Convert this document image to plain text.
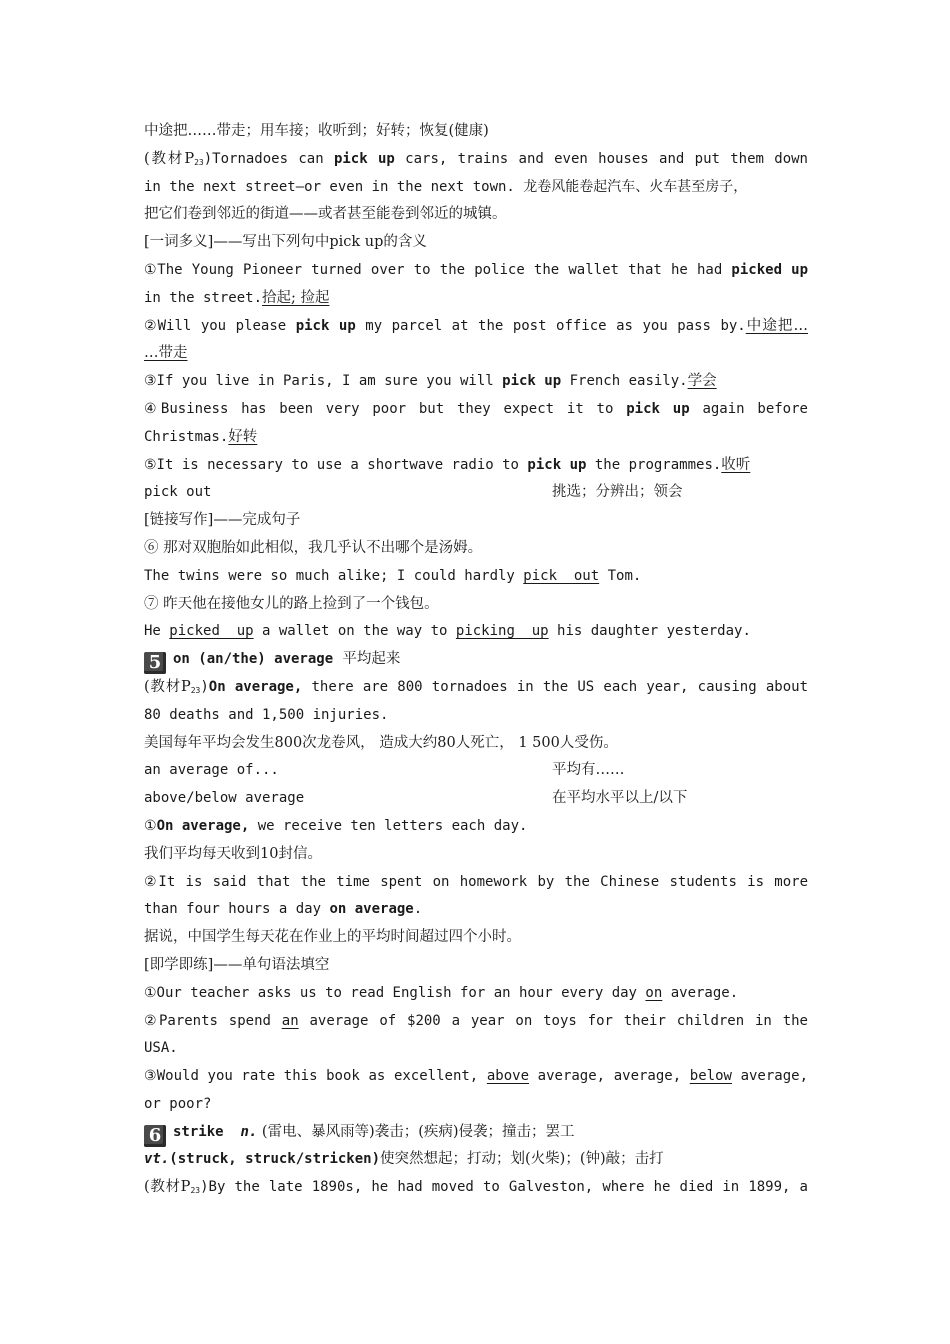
中途把……带走；用车接；收听到；好转；恢复(健康)
(教材$P_{23})Tornadoes$ can pick up cars, trains and even houses and put them down
in the next street—or even in the next town. 龙卷风能卷起汽车、火车甚至房子，
把它们卷到邻近的街道——或者甚至能卷到邻近的城镇。
[一词多义]——写出下列句中pick up的含义
①The Young Pioneer turned over to the police the wallet that he had picked up
in the street.拾起; 捡起
②Will you please pick up my parcel at the post office as you pass by.中途把…
…带走
③If you live in Paris, I am sure you will pick up French easily.学会
④Business has been very poor but they expect it to pick up again before
Christmas.好转
⑤It is necessary to use a shortwave radio to pick up the programmes.收听
pick out	挑选；分辨出；领会
[链接写作]——完成句子
⑥ 那对双胞胎如此相似，我几乎认不出哪个是汤姆。
The twins were so much alike; I could hardly pick  out Tom.
⑦ 昨天他在接他女儿的路上捡到了一个钱包。
He picked  up a wallet on the way to picking  up his daughter yesterday.
5 on (an/the) average  平均起来
(教材$P_{23})On$ average, there are 800 tornadoes in the US each year, causing about
80 deaths and 1,500 injuries.
美国每年平均会发生800次龙卷风， 造成大约80人死亡， 1 500人受伤。
an average of...	平均有……
above/below average	在平均水平以上/以下
①On average, we receive ten letters each day.
我们平均每天收到10封信。
②It is said that the time spent on homework by the Chinese students is more
than four hours a day on average.
据说，中国学生每天花在作业上的平均时间超过四个小时。
[即学即练]——单句语法填空
①Our teacher asks us to read English for an hour every day on average.
②Parents spend an average of $200 a year on toys for their children in the
USA.
③Would you rate this book as excellent, above average, average, below average,
or poor?
6 strike n. (雷电、暴风雨等)袭击；(疾病)侵袭；撞击；罢工
vt.(struck, struck/stricken)使突然想起；打动；划(火柴)；(钟)敲；击打
(教材$P_{23})By$ the late 1890s, he had moved to Galveston, where he died in 1899, a
